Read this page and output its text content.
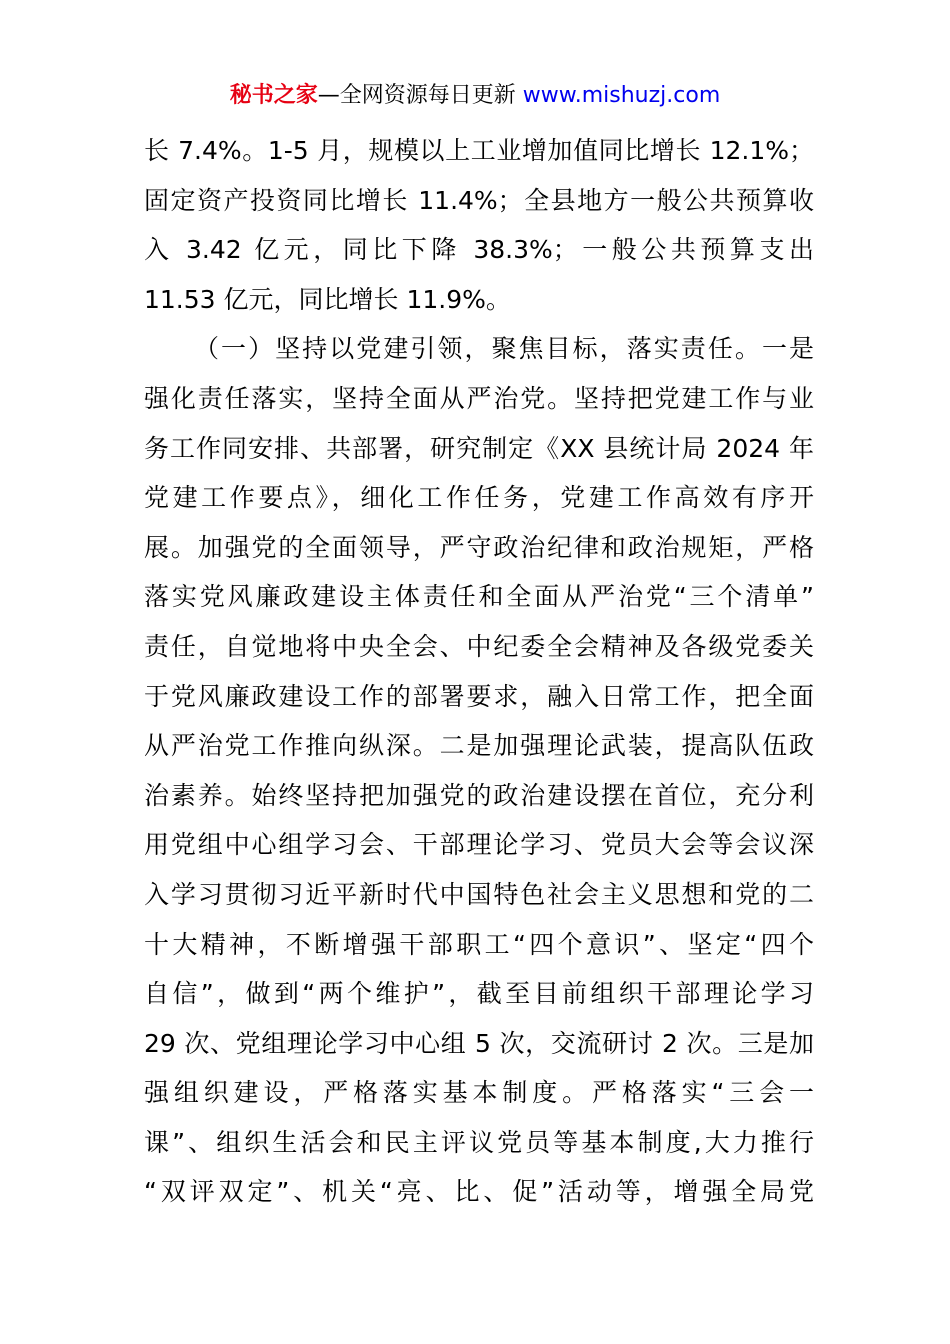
秘书之家—全网资源每日更新 www.mishuzj.com
长 7.4%。1-5 月，规模以上工业增加值同比增长 12.1%；
固定资产投资同比增长 11.4%；全县地方一般公共预算收
入 3.42 亿元，同比下降 38.3%；一般公共预算支出
11.53 亿元，同比增长 11.9%。
（一）坚持以党建引领，聚焦目标，落实责任。一是
强化责任落实，坚持全面从严治党。坚持把党建工作与业
务工作同安排、共部署，研究制定《XX 县统计局 2024 年
党建工作要点》，细化工作任务，党建工作高效有序开
展。加强党的全面领导，严守政治纪律和政治规矩，严格
落实党风廉政建设主体责任和全面从严治党“三个清单”
责任，自觉地将中央全会、中纪委全会精神及各级党委关
于党风廉政建设工作的部署要求，融入日常工作，把全面
从严治党工作推向纵深。二是加强理论武装，提高队伍政
治素养。始终坚持把加强党的政治建设摆在首位，充分利
用党组中心组学习会、干部理论学习、党员大会等会议深
入学习贯彻习近平新时代中国特色社会主义思想和党的二
十大精神，不断增强干部职工“四个意识”、坚定“四个
自信”，做到“两个维护”，截至目前组织干部理论学习
29 次、党组理论学习中心组 5 次，交流研讨 2 次。三是加
强组织建设，严格落实基本制度。严格落实“三会一
课”、组织生活会和民主评议党员等基本制度,大力推行
“双评双定”、机关“亮、比、促”活动等，增强全局党
